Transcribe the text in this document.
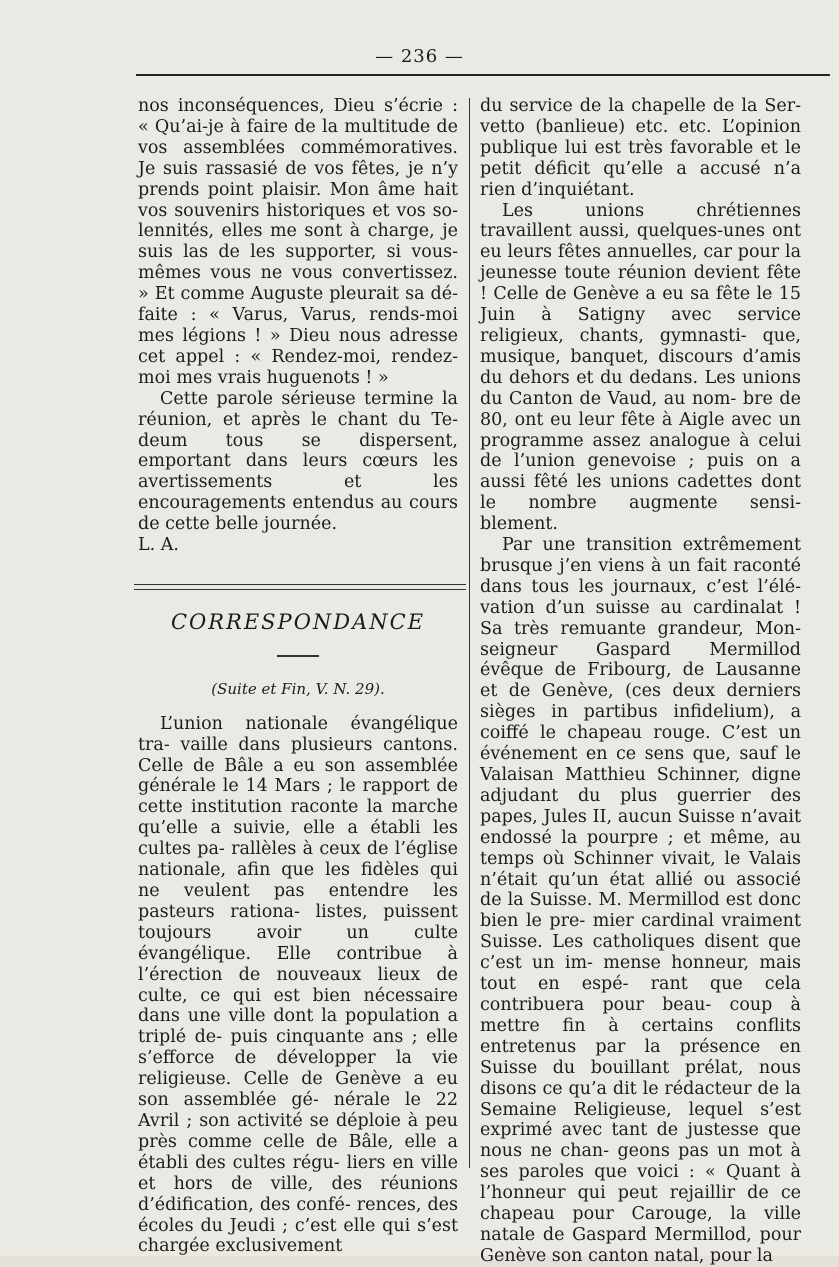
— 236 —

nos inconséquences, Dieu s’écrie : « Qu’ai-je à faire de la multitude de vos assemblées commémoratives. Je suis rassasié de vos fêtes, je n’y prends point plaisir. Mon âme hait vos souvenirs historiques et vos so- lennités, elles me sont à charge, je suis las de les supporter, si vous- mêmes vous ne vous convertissez. » Et comme Auguste pleurait sa dé- faite : « Varus, Varus, rends-moi mes légions ! » Dieu nous adresse cet appel : « Rendez-moi, rendez-moi mes vrais huguenots ! »

Cette parole sérieuse termine la réunion, et après le chant du Te- deum tous se dispersent, emportant dans leurs cœurs les avertissements	et les encouragements entendus au cours de cette belle journée.

L. A.

CORRESPONDANCE
(Suite et Fin, V. N. 29).

L’union nationale évangélique tra- vaille dans plusieurs cantons. Celle de Bâle a eu son assemblée générale le 14 Mars ; le rapport de cette institution raconte la marche qu’elle a suivie, elle a établi les cultes pa- rallèles à ceux de l’église nationale, afin que les fidèles qui ne veulent pas entendre les pasteurs rationa- listes, puissent toujours avoir un	culte évangélique. Elle contribue à l’érection de nouveaux lieux de culte, ce qui est bien nécessaire dans une ville dont la population a triplé de- puis cinquante ans ; elle s’efforce de développer la vie religieuse. Celle de Genève a eu son assemblée gé- nérale le 22 Avril ; son activité se déploie à peu près comme celle de Bâle, elle a établi des cultes régu- liers en ville et hors de ville, des réunions d’édification, des confé- rences, des écoles du Jeudi ; c’est elle qui s’est chargée exclusivement

du service de la chapelle de la Ser- vetto (banlieue) etc. etc. L’opinion publique lui est très favorable et le petit déficit qu’elle a accusé n’a rien d’inquiétant.

Les unions chrétiennes travaillent aussi, quelques-unes ont eu leurs fêtes annuelles, car pour la jeunesse toute réunion devient fête ! Celle de Genève a eu sa fête le 15 Juin à Satigny avec service religieux, chants, gymnasti- que, musique, banquet, discours d’amis du dehors et du dedans. Les unions du Canton de Vaud, au nom- bre de 80, ont eu leur fête à Aigle avec un programme assez analogue à celui de l’union genevoise ; puis on a aussi fêté les unions cadettes dont le nombre augmente sensi- blement.

Par une transition extrêmement brusque j’en viens à un fait raconté dans tous les journaux, c’est l’élé- vation d’un suisse au cardinalat ! Sa très remuante grandeur, Mon- seigneur Gaspard Mermillod évêque de Fribourg, de Lausanne et de Genève, (ces deux derniers sièges in partibus infidelium), a coiffé le chapeau rouge. C’est un événement en ce sens que, sauf le Valaisan Matthieu Schinner, digne adjudant du plus guerrier des papes, Jules II, aucun Suisse n’avait endossé la pourpre ; et même, au temps où Schinner vivait, le Valais n’était qu’un état allié ou associé de la Suisse. M. Mermillod est donc bien le pre- mier cardinal vraiment Suisse. Les catholiques disent que c’est un im- mense honneur, mais tout en espé- rant que cela contribuera pour beau- coup à mettre fin à certains conflits entretenus par la présence en Suisse du bouillant prélat, nous disons ce qu’a dit le rédacteur de la Semaine Religieuse, lequel s’est exprimé avec tant de justesse que nous ne chan- geons pas un mot à ses paroles que voici : « Quant à l’honneur qui peut rejaillir de ce chapeau pour Carouge, la ville natale de Gaspard Mermillod, pour Genève son canton natal, pour la
